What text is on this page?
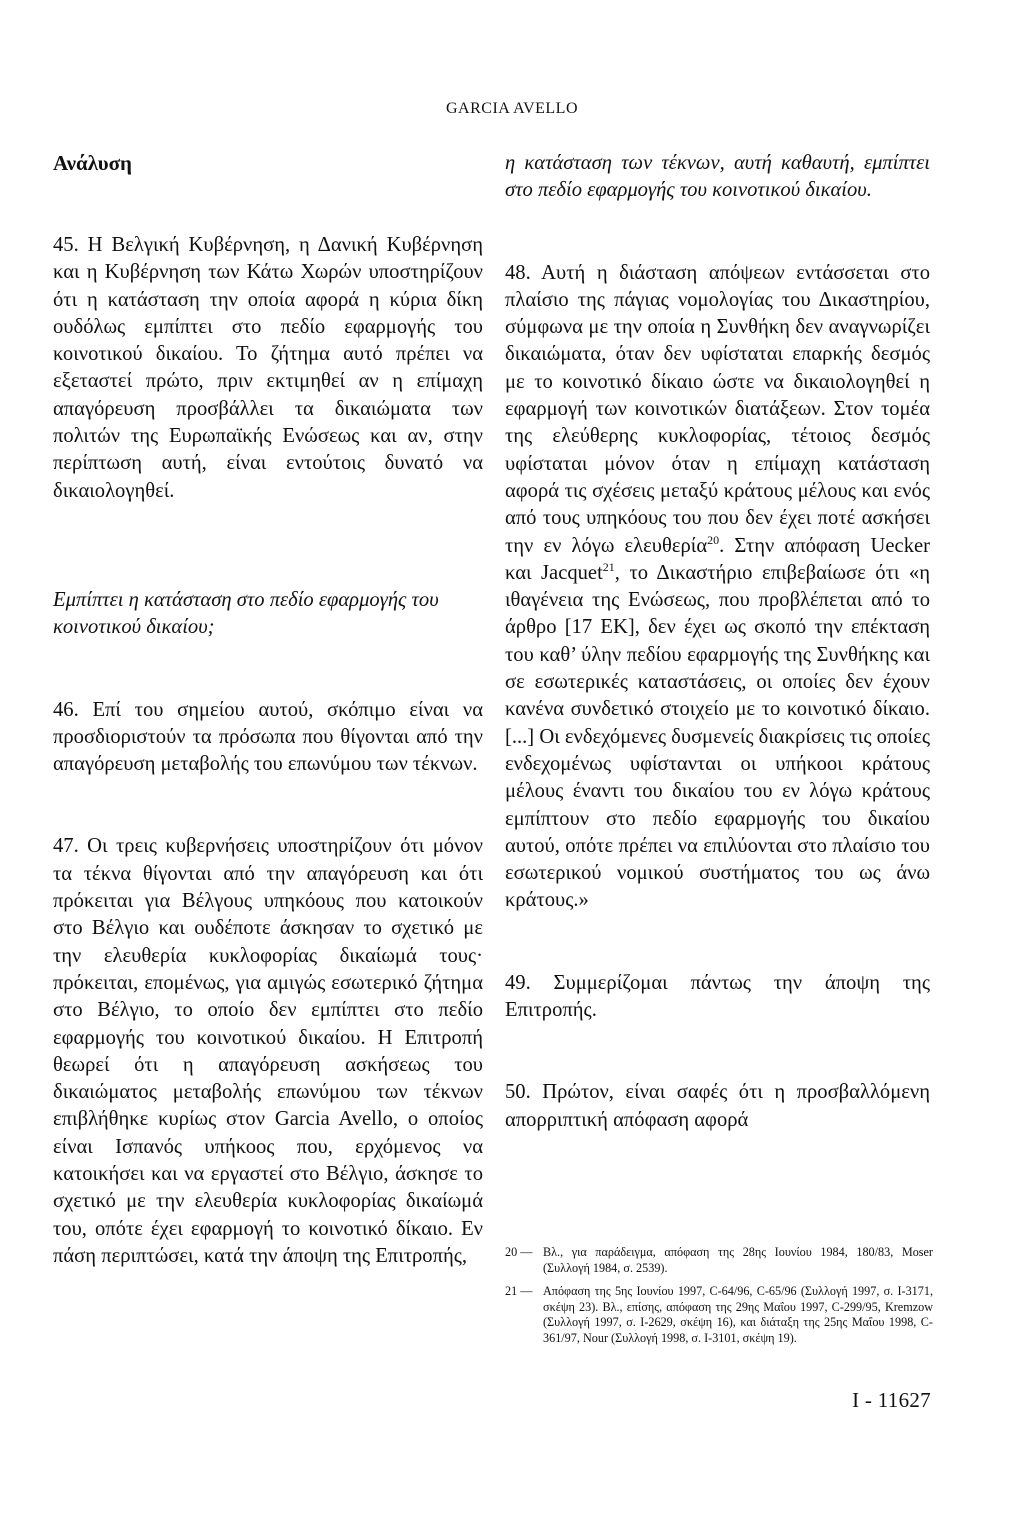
GARCIA AVELLO

Ανάλυση

45. Η Βελγική Κυβέρνηση, η Δανική Κυβέρνηση και η Κυβέρνηση των Κάτω Χωρών υποστηρίζουν ότι η κατάσταση την οποία αφορά η κύρια δίκη ουδόλως εμπίπτει στο πεδίο εφαρμογής του κοινοτικού δικαίου. Το ζήτημα αυτό πρέπει να εξεταστεί πρώτο, πριν εκτιμηθεί αν η επίμαχη απαγόρευση προσβάλλει τα δικαιώματα των πολιτών της Ευρωπαϊκής Ενώσεως και αν, στην περίπτωση αυτή, είναι εντούτοις δυνατό να δικαιολογηθεί.

Εμπίπτει η κατάσταση στο πεδίο εφαρμογής του κοινοτικού δικαίου;

46. Επί του σημείου αυτού, σκόπιμο είναι να προσδιοριστούν τα πρόσωπα που θίγονται από την απαγόρευση μεταβολής του επωνύμου των τέκνων.

47. Οι τρεις κυβερνήσεις υποστηρίζουν ότι μόνον τα τέκνα θίγονται από την απαγόρευση και ότι πρόκειται για Βέλγους υπηκόους που κατοικούν στο Βέλγιο και ουδέποτε άσκησαν το σχετικό με την ελευθερία κυκλοφορίας δικαίωμά τους· πρόκειται, επομένως, για αμιγώς εσωτερικό ζήτημα στο Βέλγιο, το οποίο δεν εμπίπτει στο πεδίο εφαρμογής του κοινοτικού δικαίου. Η Επιτροπή θεωρεί ότι η απαγόρευση ασκήσεως του δικαιώματος μεταβολής επωνύμου των τέκνων επιβλήθηκε κυρίως στον Garcia Avello, ο οποίος είναι Ισπανός υπήκοος που, ερχόμενος να κατοικήσει και να εργαστεί στο Βέλγιο, άσκησε το σχετικό με την ελευθερία κυκλοφορίας δικαίωμά του, οπότε έχει εφαρμογή το κοινοτικό δίκαιο. Εν πάση περιπτώσει, κατά την άποψη της Επιτροπής,

η κατάσταση των τέκνων, αυτή καθαυτή, εμπίπτει στο πεδίο εφαρμογής του κοινοτικού δικαίου.

48. Αυτή η διάσταση απόψεων εντάσσεται στο πλαίσιο της πάγιας νομολογίας του Δικαστηρίου, σύμφωνα με την οποία η Συνθήκη δεν αναγνωρίζει δικαιώματα, όταν δεν υφίσταται επαρκής δεσμός με το κοινοτικό δίκαιο ώστε να δικαιολογηθεί η εφαρμογή των κοινοτικών διατάξεων. Στον τομέα της ελεύθερης κυκλοφορίας, τέτοιος δεσμός υφίσταται μόνον όταν η επίμαχη κατάσταση αφορά τις σχέσεις μεταξύ κράτους μέλους και ενός από τους υπηκόους του που δεν έχει ποτέ ασκήσει την εν λόγω ελευθερία$^{20}$. Στην απόφαση Uecker και Jacquet$^{21}$, το Δικαστήριο επιβεβαίωσε ότι «η ιθαγένεια της Ενώσεως, που προβλέπεται από το άρθρο [17 ΕΚ], δεν έχει ως σκοπό την επέκταση του καθ’ ύλην πεδίου εφαρμογής της Συνθήκης και σε εσωτερικές καταστάσεις, οι οποίες δεν έχουν κανένα συνδετικό στοιχείο με το κοινοτικό δίκαιο. [...] Οι ενδεχόμενες δυσμενείς διακρίσεις τις οποίες ενδεχομένως υφίστανται οι υπήκοοι κράτους μέλους έναντι του δικαίου του εν λόγω κράτους εμπίπτουν στο πεδίο εφαρμογής του δικαίου αυτού, οπότε πρέπει να επιλύονται στο πλαίσιο του εσωτερικού νομικού συστήματος του ως άνω κράτους.»

49. Συμμερίζομαι πάντως την άποψη της Επιτροπής.

50. Πρώτον, είναι σαφές ότι η προσβαλλόμενη απορριπτική απόφαση αφορά

20 — Βλ., για παράδειγμα, απόφαση της 28ης Ιουνίου 1984, 180/83, Moser (Συλλογή 1984, σ. 2539).
21 — Απόφαση της 5ης Ιουνίου 1997, C-64/96, C-65/96 (Συλλογή 1997, σ. I-3171, σκέψη 23). Βλ., επίσης, απόφαση της 29ης Μαΐου 1997, C-299/95, Kremzow (Συλλογή 1997, σ. I-2629, σκέψη 16), και διάταξη της 25ης Μαΐου 1998, C-361/97, Nour (Συλλογή 1998, σ. I-3101, σκέψη 19).
I - 11627
